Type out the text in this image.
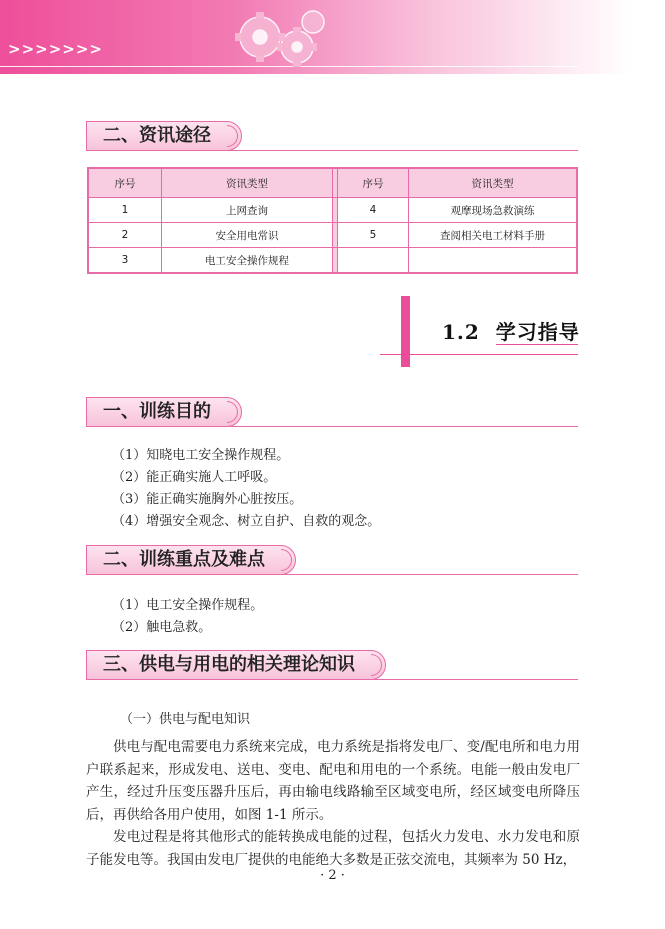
>>>>>>>
二、资讯途径
序号	资讯类型		序号	资讯类型
1	上网查询		4	观摩现场急救演练
2	安全用电常识		5	查阅相关电工材料手册
3	电工安全操作规程			
1.2 学习指导
一、训练目的
（1）知晓电工安全操作规程。
（2）能正确实施人工呼吸。
（3）能正确实施胸外心脏按压。
（4）增强安全观念、树立自护、自救的观念。
二、训练重点及难点
（1）电工安全操作规程。
（2）触电急救。
三、供电与用电的相关理论知识
（一）供电与配电知识
供电与配电需要电力系统来完成，电力系统是指将发电厂、变/配电所和电力用户联系起来，形成发电、送电、变电、配电和用电的一个系统。电能一般由发电厂产生，经过升压变压器升压后，再由输电线路输至区域变电所，经区域变电所降压后，再供给各用户使用，如图 1-1 所示。
发电过程是将其他形式的能转换成电能的过程，包括火力发电、水力发电和原子能发电等。我国由发电厂提供的电能绝大多数是正弦交流电，其频率为 50 Hz，
· 2 ·
